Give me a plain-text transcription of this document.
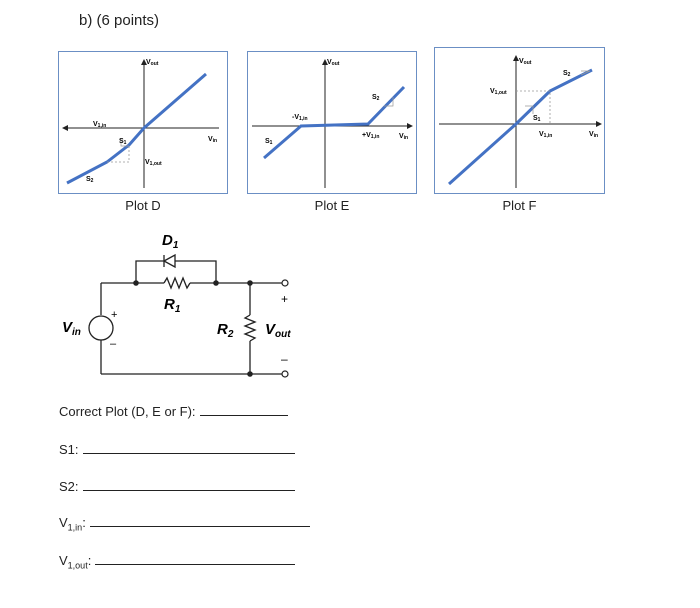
b) (6 points)
Vout
Vin
V1,in
V1,out
S1
S2
Plot D
Vout
Vin
-V1,in
+V1,in
S1
S2
Plot E
Vout
Vin
V1,in
V1,out
S1
S2
Plot F
$D_1$
$R_1$
$R_2$
$V_{in}$	$V_{out}$
+
–
+
–
Correct Plot (D, E or F):
S1:
S2:
$V_{1,in}$:
$V_{1,out}$:
